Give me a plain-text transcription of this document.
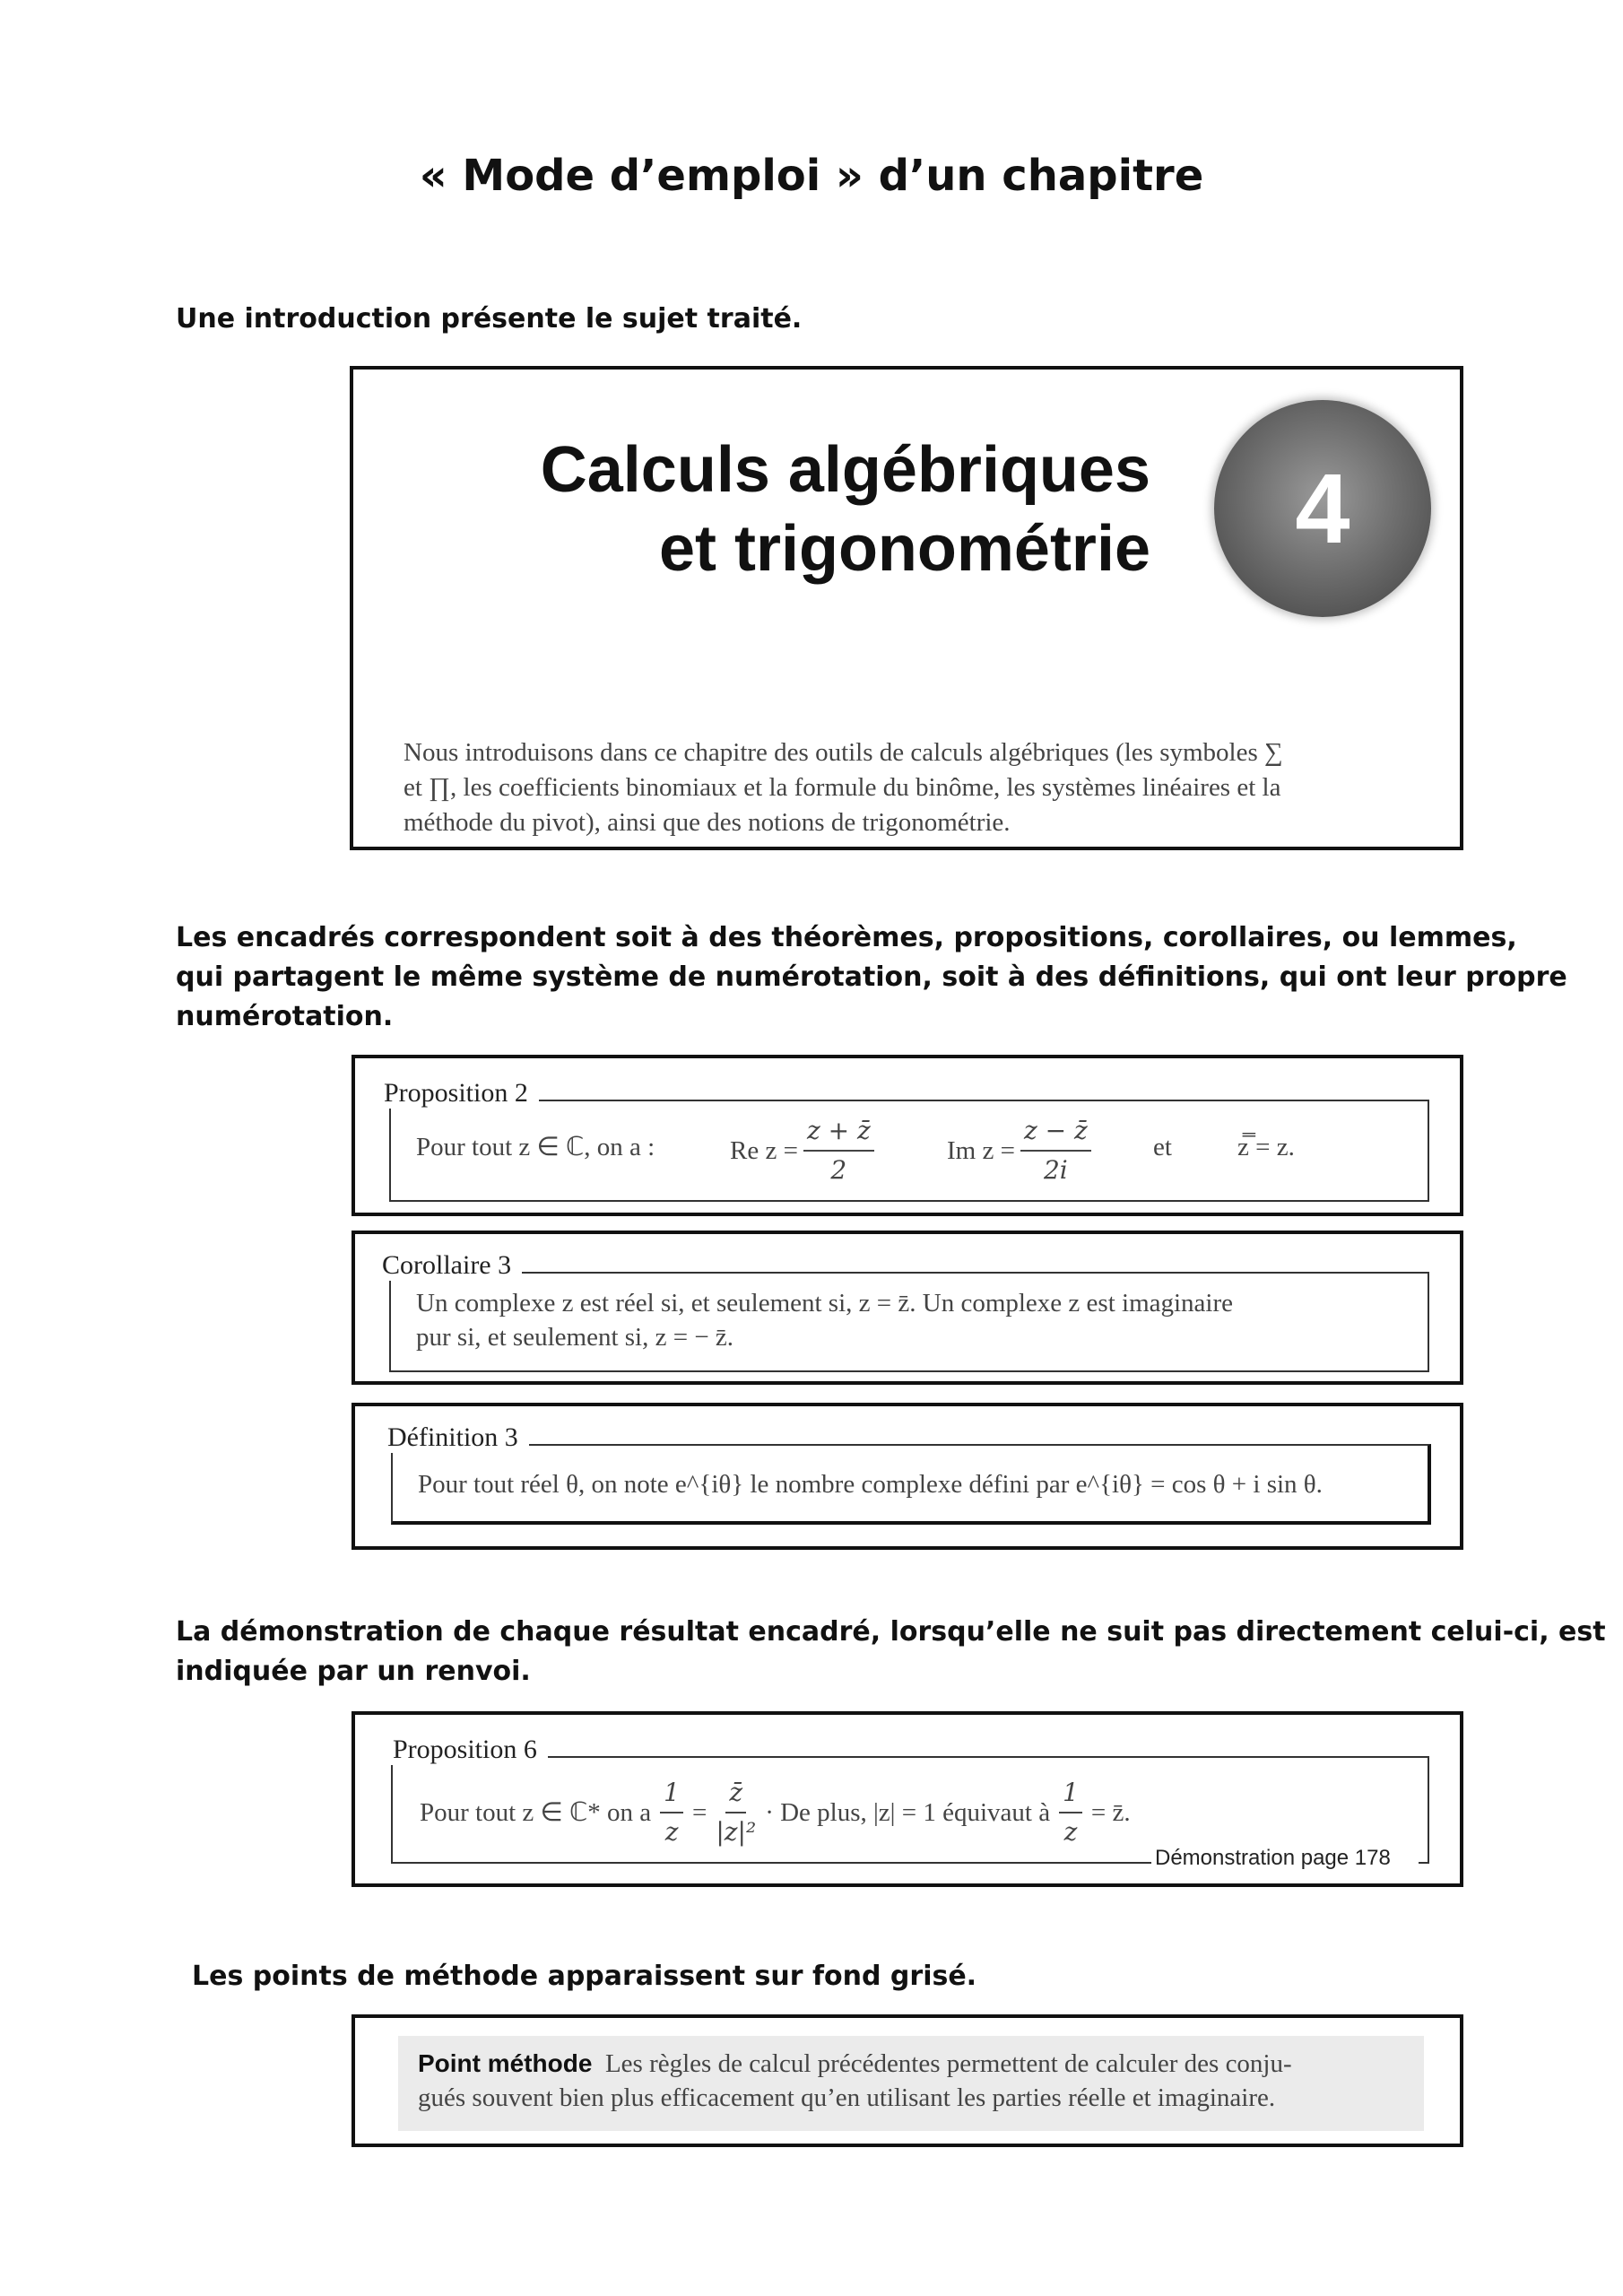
« Mode d’emploi » d’un chapitre
Une introduction présente le sujet traité.
Calculs algébriques
et trigonométrie	4
Nous introduisons dans ce chapitre des outils de calculs algébriques (les symboles ∑
et ∏, les coefficients binomiaux et la formule du binôme, les systèmes linéaires et la
méthode du pivot), ainsi que des notions de trigonométrie.
Les encadrés correspondent soit à des théorèmes, propositions, corollaires, ou lemmes,
qui partagent le même système de numérotation, soit à des définitions, qui ont leur propre
numérotation.
Proposition 2
Pour tout z ∈ ℂ, on a :	Re $z = \frac{z + z̄}{2}$	Im $z = \frac{z - z̄}{2i}$ et	z̿ = z.
Corollaire 3
Un complexe z est réel si, et seulement si, z = z̄. Un complexe z est imaginaire
pur si, et seulement si, z = − z̄.
Définition 3
Pour tout réel θ, on note e^{iθ} le nombre complexe défini par e^{iθ} = cos θ + i sin θ.
La démonstration de chaque résultat encadré, lorsqu’elle ne suit pas directement celui-ci, est
indiquée par un renvoi.
Proposition 6
Pour tout z ∈ ℂ* on a $\frac{1}{z} = \frac{z̄}{\text{|z|²}} \cdot De$ plus, |z| = 1 équivaut à $\frac{1}{z}$ = z̄.
Démonstration page 178
Les points de méthode apparaissent sur fond grisé.
Point méthode Les règles de calcul précédentes permettent de calculer des conju-
gués souvent bien plus efficacement qu’en utilisant les parties réelle et imaginaire.
